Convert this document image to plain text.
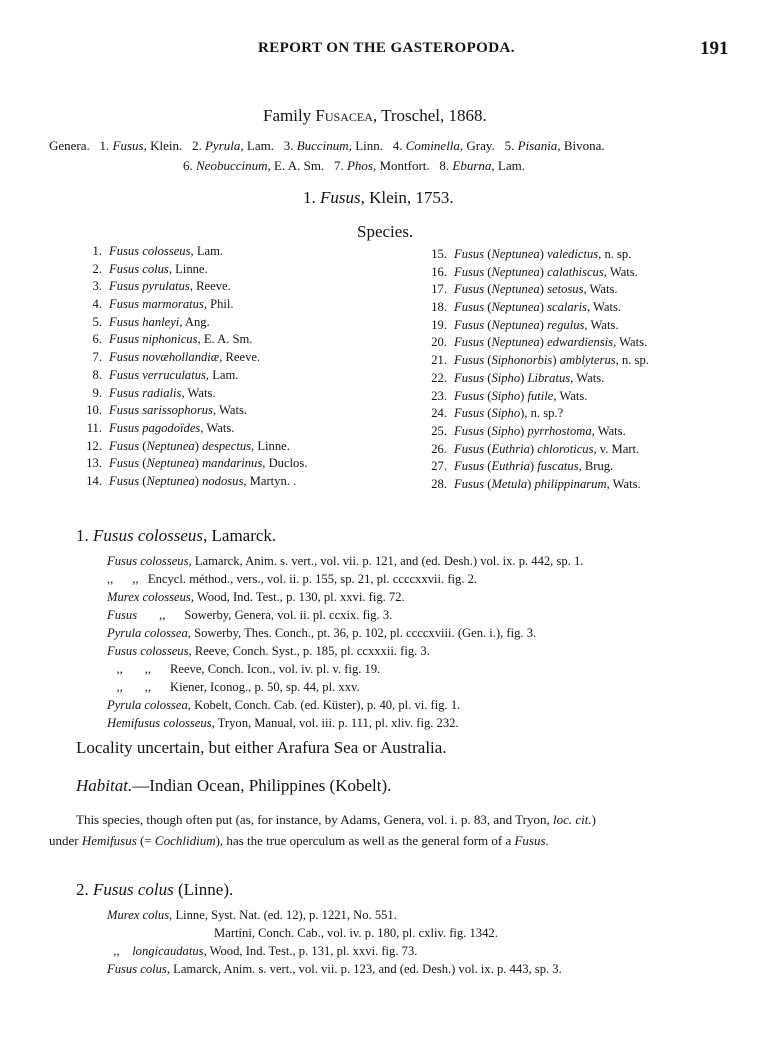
REPORT ON THE GASTEROPODA.	191
Family Fusacea, Troschel, 1868.
Genera. 1. Fusus, Klein. 2. Pyrula, Lam. 3. Buccinum, Linn. 4. Cominella, Gray. 5. Pisania, Bivona.
6. Neobuccinum, E. A. Sm. 7. Phos, Montfort. 8. Eburna, Lam.
1. Fusus, Klein, 1753.
Species.
1. Fusus colosseus, Lam.
2. Fusus colus, Linne.
3. Fusus pyrulatus, Reeve.
4. Fusus marmoratus, Phil.
5. Fusus hanleyi, Ang.
6. Fusus niphonicus, E. A. Sm.
7. Fusus novæhollandiæ, Reeve.
8. Fusus verruculatus, Lam.
9. Fusus radialis, Wats.
10. Fusus sarissophorus, Wats.
11. Fusus pagodoïdes, Wats.
12. Fusus (Neptunea) despectus, Linne.
13. Fusus (Neptunea) mandarinus, Duclos.
14. Fusus (Neptunea) nodosus, Martyn. .
15. Fusus (Neptunea) valedictus, n. sp.
16. Fusus (Neptunea) calathiscus, Wats.
17. Fusus (Neptunea) setosus, Wats.
18. Fusus (Neptunea) scalaris, Wats.
19. Fusus (Neptunea) regulus, Wats.
20. Fusus (Neptunea) edwardiensis, Wats.
21. Fusus (Siphonorbis) amblyterus, n. sp.
22. Fusus (Sipho) Libratus, Wats.
23. Fusus (Sipho) futile, Wats.
24. Fusus (Sipho), n. sp.?
25. Fusus (Sipho) pyrrhostoma, Wats.
26. Fusus (Euthria) chloroticus, v. Mart.
27. Fusus (Euthria) fuscatus, Brug.
28. Fusus (Metula) philippinarum, Wats.
1. Fusus colosseus, Lamarck.
Fusus colosseus, Lamarck, Anim. s. vert., vol. vii. p. 121, and (ed. Desh.) vol. ix. p. 442, sp. 1.
,,      ,,   Encycl. méthod., vers., vol. ii. p. 155, sp. 21, pl. ccccxxvii. fig. 2.
Murex colosseus, Wood, Ind. Test., p. 130, pl. xxvi. fig. 72.
Fusus       ,,      Sowerby, Genera, vol. ii. pl. ccxix. fig. 3.
Pyrula colossea, Sowerby, Thes. Conch., pt. 36, p. 102, pl. ccccxviii. (Gen. i.), fig. 3.
Fusus colosseus, Reeve, Conch. Syst., p. 185, pl. ccxxxii. fig. 3.
,,       ,,      Reeve, Conch. Icon., vol. iv. pl. v. fig. 19.
,,       ,,      Kiener, Iconog., p. 50, sp. 44, pl. xxv.
Pyrula colossea, Kobelt, Conch. Cab. (ed. Küster), p. 40, pl. vi. fig. 1.
Hemifusus colosseus, Tryon, Manual, vol. iii. p. 111, pl. xliv. fig. 232.
Locality uncertain, but either Arafura Sea or Australia.
Habitat.—Indian Ocean, Philippines (Kobelt).
This species, though often put (as, for instance, by Adams, Genera, vol. i. p. 83, and Tryon, loc. cit.)
under Hemifusus (= Cochlidium), has the true operculum as well as the general form of a Fusus.
2. Fusus colus (Linne).
Murex colus, Linne, Syst. Nat. (ed. 12), p. 1221, No. 551.
Martini, Conch. Cab., vol. iv. p. 180, pl. cxliv. fig. 1342.
,,    longicaudatus, Wood, Ind. Test., p. 131, pl. xxvi. fig. 73.
Fusus colus, Lamarck, Anim. s. vert., vol. vii. p. 123, and (ed. Desh.) vol. ix. p. 443, sp. 3.
